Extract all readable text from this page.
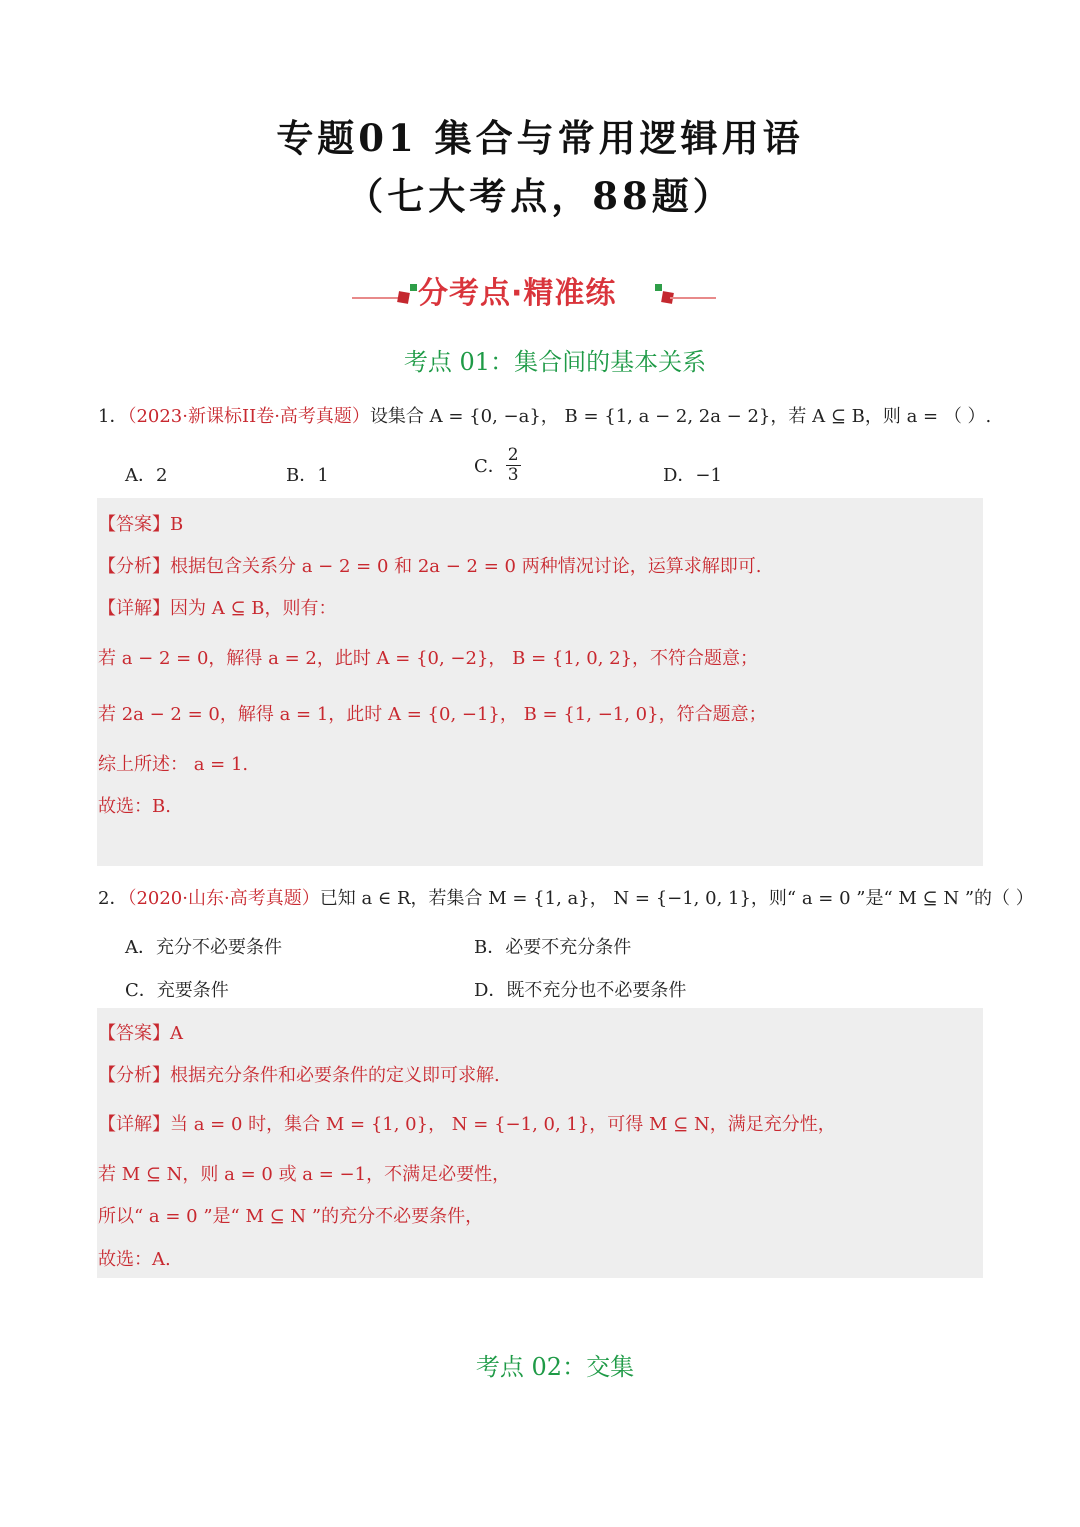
专题01 集合与常用逻辑用语
（七大考点，88题）
分考点·精准练
考点 01：集合间的基本关系
1．（2023·新课标II卷·高考真题）设集合 A = {0, −a}， B = {1, a − 2, 2a − 2}，若 A ⊆ B，则 a = （ ）.
A．2	B．1	C． $\frac{2}{3}$	D．−1
【答案】B
【分析】根据包含关系分 a − 2 = 0 和 2a − 2 = 0 两种情况讨论，运算求解即可.
【详解】因为 A ⊆ B，则有：
若 a − 2 = 0，解得 a = 2，此时 A = {0, −2}， B = {1, 0, 2}，不符合题意；
若 2a − 2 = 0，解得 a = 1，此时 A = {0, −1}， B = {1, −1, 0}，符合题意；
综上所述： a = 1.
故选：B.
2．（2020·山东·高考真题）已知 a ∈ R，若集合 M = {1, a}， N = {−1, 0, 1}，则“ a = 0 ”是“ M ⊆ N ”的（ ）
A．充分不必要条件	B．必要不充分条件
C．充要条件	D．既不充分也不必要条件
【答案】A
【分析】根据充分条件和必要条件的定义即可求解.
【详解】当 a = 0 时，集合 M = {1, 0}， N = {−1, 0, 1}，可得 M ⊆ N，满足充分性，
若 M ⊆ N，则 a = 0 或 a = −1，不满足必要性，
所以“ a = 0 ”是“ M ⊆ N ”的充分不必要条件，
故选：A.
考点 02：交集
